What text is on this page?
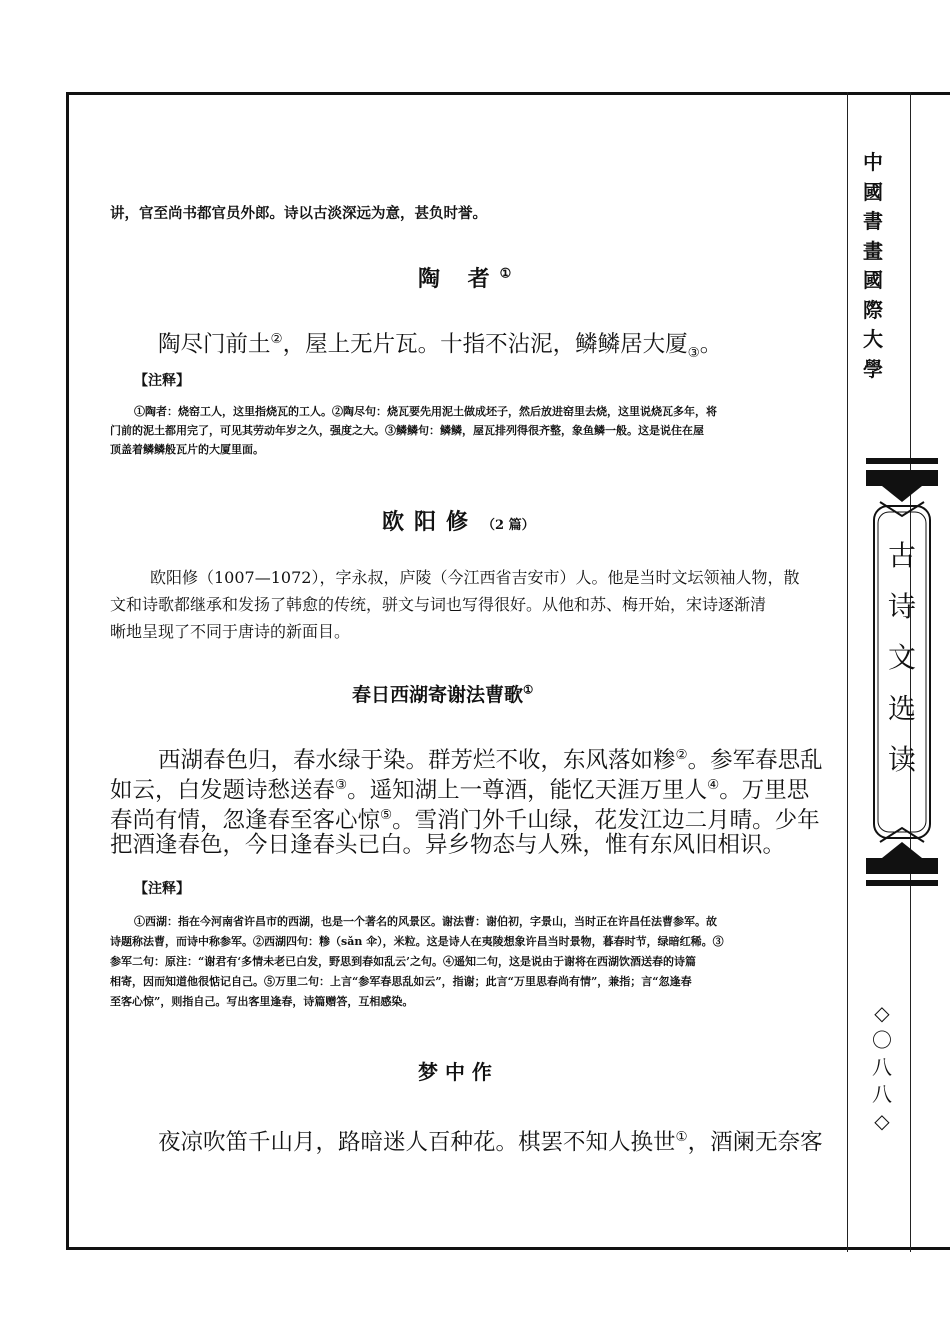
中
國
書
畫
國
際
大
學
古
诗
文
选
读
◇
〇
八
八
◇
讲，官至尚书都官员外郎。诗以古淡深远为意，甚负时誉。
陶 者①
陶尽门前土②，屋上无片瓦。十指不沾泥，鳞鳞居大厦$_③$。
【注释】
①陶者：烧窑工人，这里指烧瓦的工人。②陶尽句：烧瓦要先用泥土做成坯子，然后放进窑里去烧，这里说烧瓦多年，将
门前的泥土都用完了，可见其劳动年岁之久，强度之大。③鳞鳞句：鳞鳞，屋瓦排列得很齐整，象鱼鳞一般。这是说住在屋
顶盖着鳞鳞般瓦片的大厦里面。
欧阳修 （2 篇）
欧阳修（1007—1072），字永叔，庐陵（今江西省吉安市）人。他是当时文坛领袖人物，散
文和诗歌都继承和发扬了韩愈的传统，骈文与词也写得很好。从他和苏、梅开始，宋诗逐渐清
晰地呈现了不同于唐诗的新面目。
春日西湖寄谢法曹歌①
西湖春色归，春水绿于染。群芳烂不收，东风落如糁②。参军春思乱
如云，白发题诗愁送春③。遥知湖上一尊酒，能忆天涯万里人④。万里思
春尚有情，忽逢春至客心惊⑤。雪消门外千山绿，花发江边二月晴。少年
把酒逢春色，今日逢春头已白。异乡物态与人殊，惟有东风旧相识。
【注释】
①西湖：指在今河南省许昌市的西湖，也是一个著名的风景区。谢法曹：谢伯初，字景山，当时正在许昌任法曹参军。故
诗题称法曹，而诗中称参军。②西湖四句：糁（sǎn 伞），米粒。这是诗人在夷陵想象许昌当时景物，暮春时节，绿暗红稀。③
参军二句：原注：“谢君有‘多情未老已白发，野思到春如乱云’之句。④遥知二句，这是说由于谢将在西湖饮酒送春的诗篇
相寄，因而知道他很惦记自己。⑤万里二句：上言“参军春思乱如云”，指谢；此言“万里思春尚有情”，兼指；言“忽逢春
至客心惊”，则指自己。写出客里逢春，诗篇赠答，互相感染。
梦 中 作
夜凉吹笛千山月，路暗迷人百种花。棋罢不知人换世①，酒阑无奈客
